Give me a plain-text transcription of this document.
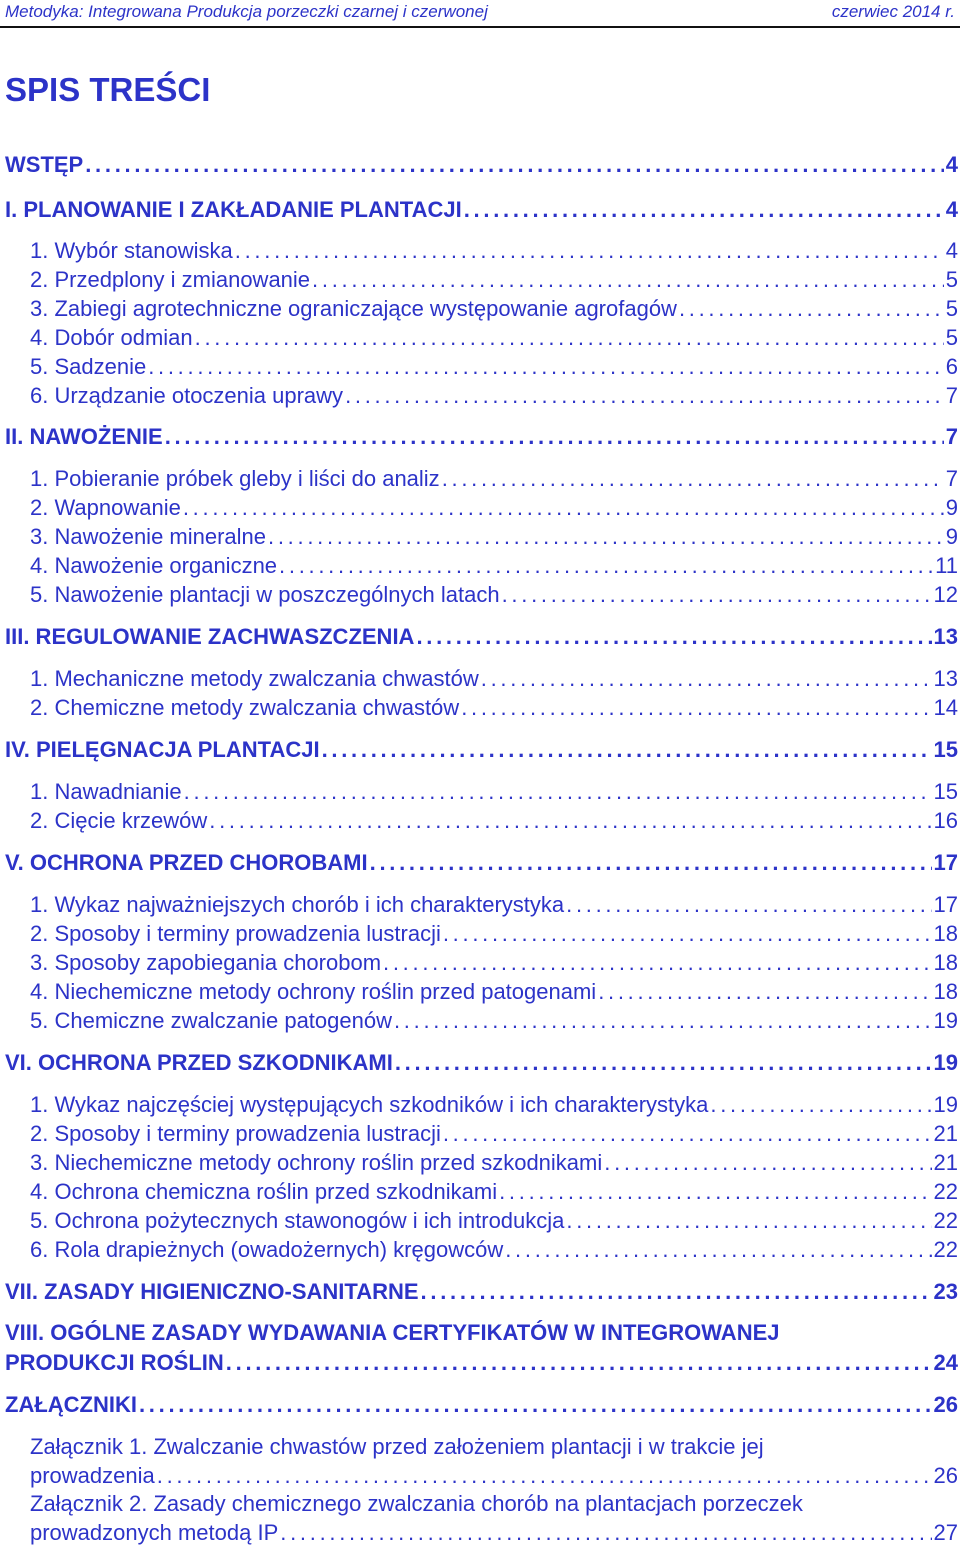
Metodyka: Integrowana Produkcja porzeczki czarnej i czerwonej	czerwiec 2014 r.
SPIS TREŚCI
WSTĘP . . .	4
I. PLANOWANIE I ZAKŁADANIE PLANTACJI . . .	4
1. Wybór stanowiska . . .	4
2. Przedplony i zmianowanie . . .	5
3. Zabiegi agrotechniczne ograniczające występowanie agrofagów . . .	5
4. Dobór odmian . . .	5
5. Sadzenie . . .	6
6. Urządzanie otoczenia uprawy . . .	7
II. NAWOŻENIE . . .	7
1. Pobieranie próbek gleby i liści do analiz . . .	7
2. Wapnowanie . . .	9
3. Nawożenie mineralne . . .	9
4. Nawożenie organiczne . . .	11
5. Nawożenie plantacji w poszczególnych latach . . .	12
III. REGULOWANIE ZACHWASZCZENIA . . .	13
1. Mechaniczne metody zwalczania chwastów . . .	13
2. Chemiczne metody zwalczania chwastów . . .	14
IV. PIELĘGNACJA PLANTACJI . . .	15
1. Nawadnianie . . .	15
2. Cięcie krzewów . . .	16
V. OCHRONA PRZED CHOROBAMI . . .	17
1. Wykaz najważniejszych chorób i ich charakterystyka . . .	17
2. Sposoby i terminy prowadzenia lustracji . . .	18
3. Sposoby zapobiegania chorobom . . .	18
4. Niechemiczne metody ochrony roślin przed patogenami . . .	18
5. Chemiczne zwalczanie patogenów . . .	19
VI. OCHRONA PRZED SZKODNIKAMI . . .	19
1. Wykaz najczęściej występujących szkodników i ich charakterystyka . . .	19
2. Sposoby i terminy prowadzenia lustracji . . .	21
3. Niechemiczne metody ochrony roślin przed szkodnikami . . .	21
4. Ochrona chemiczna roślin przed szkodnikami . . .	22
5. Ochrona pożytecznych stawonogów i ich introdukcja . . .	22
6. Rola drapieżnych (owadożernych) kręgowców . . .	22
VII. ZASADY HIGIENICZNO-SANITARNE . . .	23
VIII. OGÓLNE ZASADY WYDAWANIA CERTYFIKATÓW W INTEGROWANEJ
PRODUKCJI ROŚLIN . . .	24
ZAŁĄCZNIKI . . .	26
Załącznik 1. Zwalczanie chwastów przed założeniem plantacji i w trakcie jej
prowadzenia . . .	26
Załącznik 2. Zasady chemicznego zwalczania chorób na plantacjach porzeczek
prowadzonych metodą IP . . .	27
